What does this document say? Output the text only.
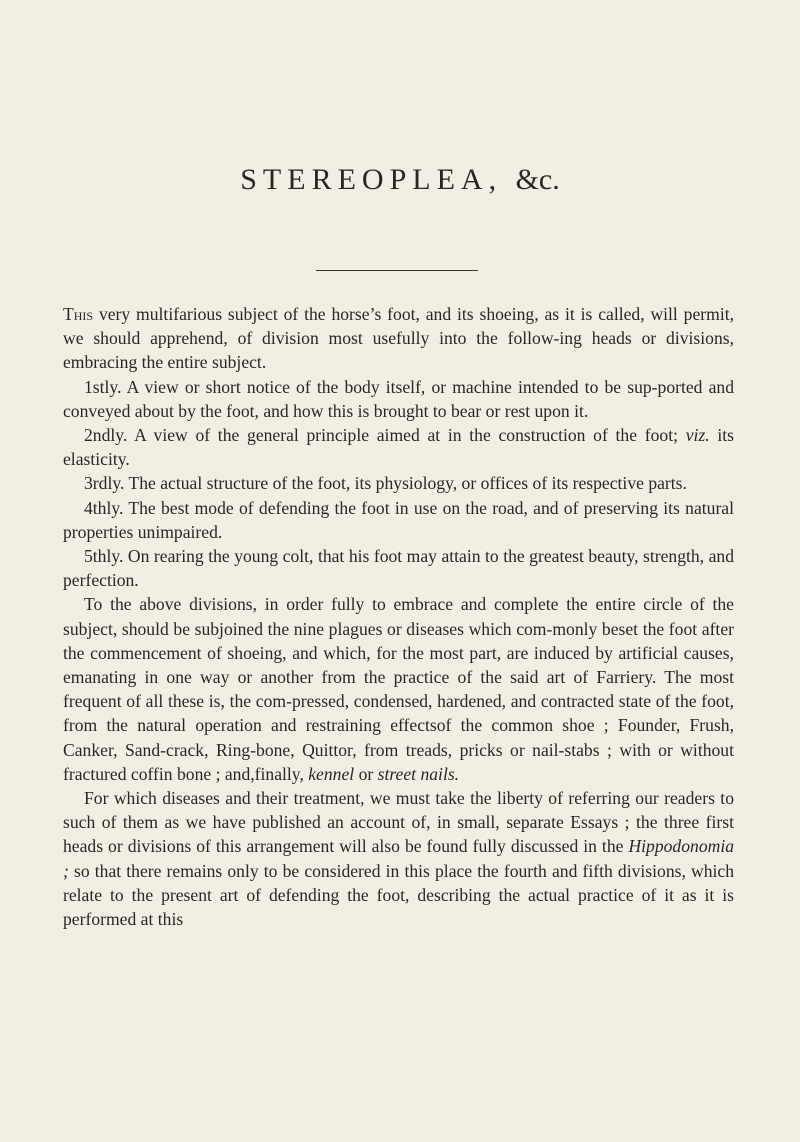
STEREOPLEA, &c.

This very multifarious subject of the horse’s foot, and its shoeing, as it is called, will permit, we should apprehend, of division most usefully into the follow-ing heads or divisions, embracing the entire subject.

1stly. A view or short notice of the body itself, or machine intended to be sup-ported and conveyed about by the foot, and how this is brought to bear or rest upon it.

2ndly. A view of the general principle aimed at in the construction of the foot; viz. its elasticity.

3rdly. The actual structure of the foot, its physiology, or offices of its respective parts.

4thly. The best mode of defending the foot in use on the road, and of preserving its natural properties unimpaired.

5thly. On rearing the young colt, that his foot may attain to the greatest beauty, strength, and perfection.

To the above divisions, in order fully to embrace and complete the entire circle of the subject, should be subjoined the nine plagues or diseases which com-monly beset the foot after the commencement of shoeing, and which, for the most part, are induced by artificial causes, emanating in one way or another from the practice of the said art of Farriery. The most frequent of all these is, the com-pressed, condensed, hardened, and contracted state of the foot, from the natural operation and restraining effectsof the common shoe ; Founder, Frush, Canker, Sand-crack, Ring-bone, Quittor, from treads, pricks or nail-stabs ; with or without fractured coffin bone ; and,finally, kennel or street nails.

For which diseases and their treatment, we must take the liberty of referring our readers to such of them as we have published an account of, in small, separate Essays ; the three first heads or divisions of this arrangement will also be found fully discussed in the Hippodonomia ; so that there remains only to be considered in this place the fourth and fifth divisions, which relate to the present art of defending the foot, describing the actual practice of it as it is performed at this
